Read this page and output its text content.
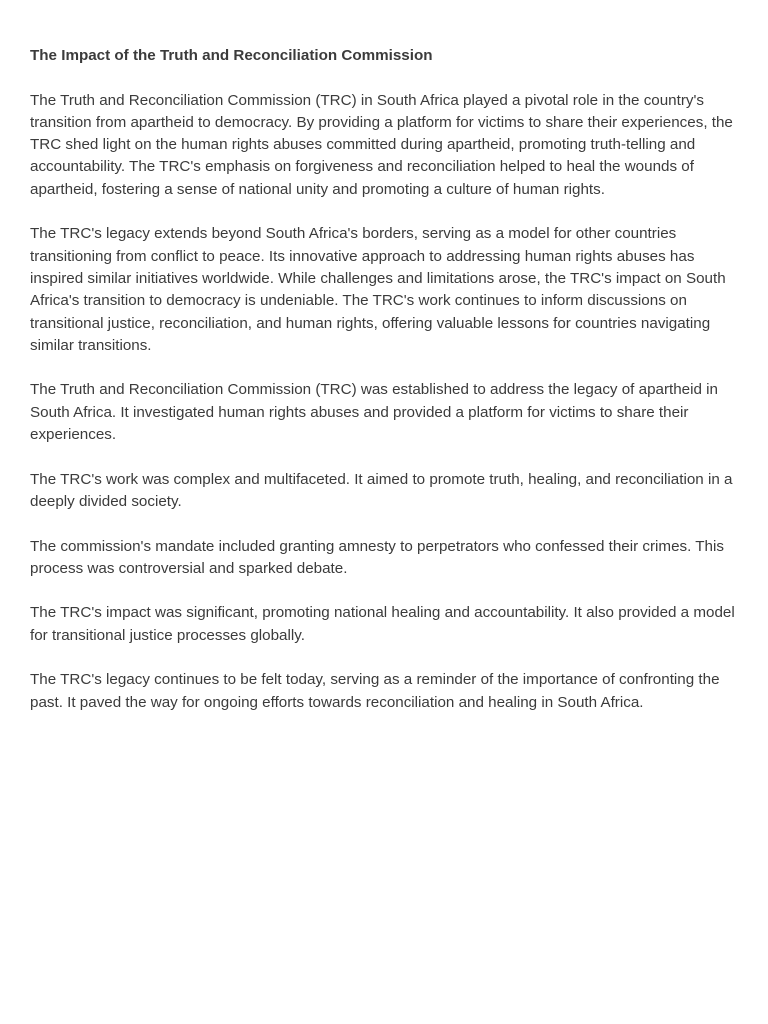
The Impact of the Truth and Reconciliation Commission

The Truth and Reconciliation Commission (TRC) in South Africa played a pivotal role in the country's transition from apartheid to democracy. By providing a platform for victims to share their experiences, the TRC shed light on the human rights abuses committed during apartheid, promoting truth-telling and accountability. The TRC's emphasis on forgiveness and reconciliation helped to heal the wounds of apartheid, fostering a sense of national unity and promoting a culture of human rights.

The TRC's legacy extends beyond South Africa's borders, serving as a model for other countries transitioning from conflict to peace. Its innovative approach to addressing human rights abuses has inspired similar initiatives worldwide. While challenges and limitations arose, the TRC's impact on South Africa's transition to democracy is undeniable. The TRC's work continues to inform discussions on transitional justice, reconciliation, and human rights, offering valuable lessons for countries navigating similar transitions.

The Truth and Reconciliation Commission (TRC) was established to address the legacy of apartheid in South Africa. It investigated human rights abuses and provided a platform for victims to share their experiences.

The TRC's work was complex and multifaceted. It aimed to promote truth, healing, and reconciliation in a deeply divided society.

The commission's mandate included granting amnesty to perpetrators who confessed their crimes. This process was controversial and sparked debate.

The TRC's impact was significant, promoting national healing and accountability. It also provided a model for transitional justice processes globally.

The TRC's legacy continues to be felt today, serving as a reminder of the importance of confronting the past. It paved the way for ongoing efforts towards reconciliation and healing in South Africa.
